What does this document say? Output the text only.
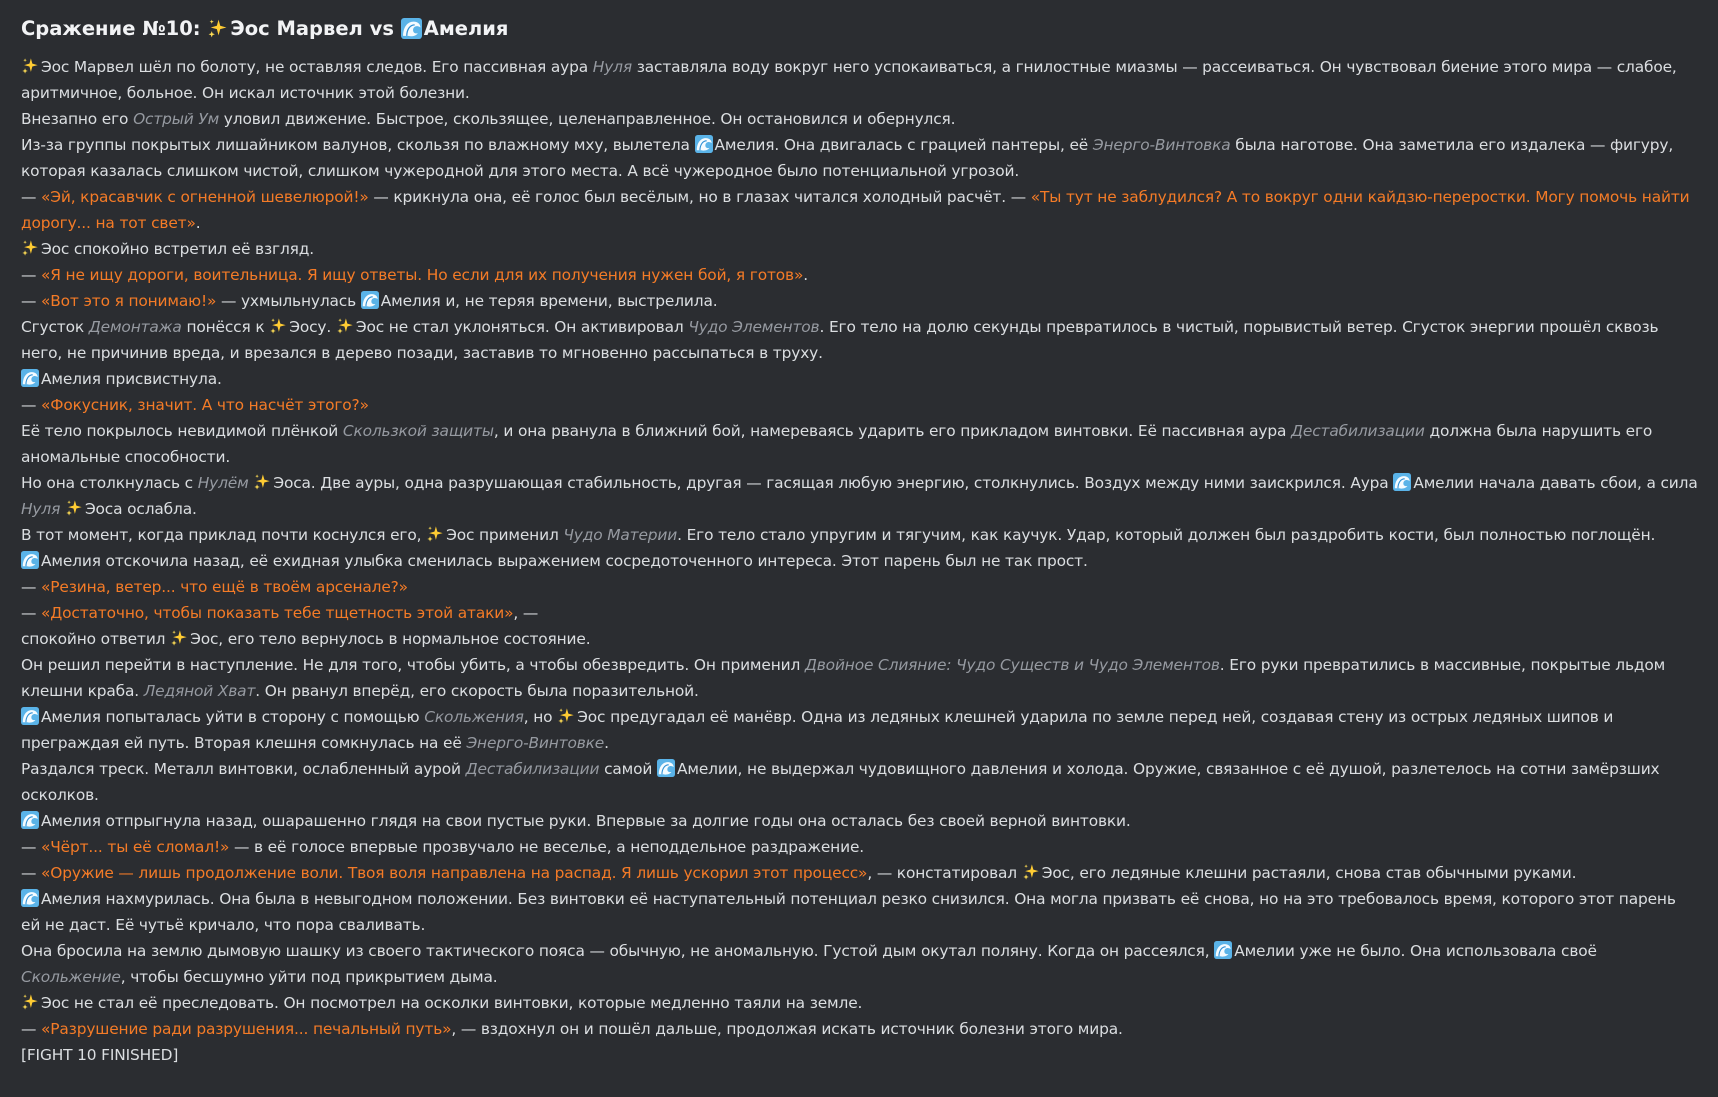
Сражение №10: Эос Марвел vs Амелия
Эос Марвел шёл по болоту, не оставляя следов. Его пассивная аура Нуля заставляла воду вокруг него успокаиваться, а гнилостные миазмы — рассеиваться. Он чувствовал биение этого мира — слабое, аритмичное, больное. Он искал источник этой болезни.
Внезапно его Острый Ум уловил движение. Быстрое, скользящее, целенаправленное. Он остановился и обернулся.
Из-за группы покрытых лишайником валунов, скользя по влажному мху, вылетела Амелия. Она двигалась с грацией пантеры, её Энерго-Винтовка была наготове. Она заметила его издалека — фигуру, которая казалась слишком чистой, слишком чужеродной для этого места. А всё чужеродное было потенциальной угрозой.
— «Эй, красавчик с огненной шевелюрой!» — крикнула она, её голос был весёлым, но в глазах читался холодный расчёт. — «Ты тут не заблудился? А то вокруг одни кайдзю-переростки. Могу помочь найти дорогу... на тот свет».
Эос спокойно встретил её взгляд.
— «Я не ищу дороги, воительница. Я ищу ответы. Но если для их получения нужен бой, я готов».
— «Вот это я понимаю!» — ухмыльнулась Амелия и, не теряя времени, выстрелила.
Сгусток Демонтажа понёсся к Эосу. Эос не стал уклоняться. Он активировал Чудо Элементов. Его тело на долю секунды превратилось в чистый, порывистый ветер. Сгусток энергии прошёл сквозь него, не причинив вреда, и врезался в дерево позади, заставив то мгновенно рассыпаться в труху.
Амелия присвистнула.
— «Фокусник, значит. А что насчёт этого?»
Её тело покрылось невидимой плёнкой Скользкой защиты, и она рванула в ближний бой, намереваясь ударить его прикладом винтовки. Её пассивная аура Дестабилизации должна была нарушить его аномальные способности.
Но она столкнулась с Нулём Эоса. Две ауры, одна разрушающая стабильность, другая — гасящая любую энергию, столкнулись. Воздух между ними заискрился. Аура Амелии начала давать сбои, а сила Нуля Эоса ослабла.
В тот момент, когда приклад почти коснулся его, Эос применил Чудо Материи. Его тело стало упругим и тягучим, как каучук. Удар, который должен был раздробить кости, был полностью поглощён.
Амелия отскочила назад, её ехидная улыбка сменилась выражением сосредоточенного интереса. Этот парень был не так прост.
— «Резина, ветер... что ещё в твоём арсенале?»
— «Достаточно, чтобы показать тебе тщетность этой атаки», —
спокойно ответил Эос, его тело вернулось в нормальное состояние.
Он решил перейти в наступление. Не для того, чтобы убить, а чтобы обезвредить. Он применил Двойное Слияние: Чудо Существ и Чудо Элементов. Его руки превратились в массивные, покрытые льдом клешни краба. Ледяной Хват. Он рванул вперёд, его скорость была поразительной.
Амелия попыталась уйти в сторону с помощью Скольжения, но Эос предугадал её манёвр. Одна из ледяных клешней ударила по земле перед ней, создавая стену из острых ледяных шипов и преграждая ей путь. Вторая клешня сомкнулась на её Энерго-Винтовке.
Раздался треск. Металл винтовки, ослабленный аурой Дестабилизации самой Амелии, не выдержал чудовищного давления и холода. Оружие, связанное с её душой, разлетелось на сотни замёрзших осколков.
Амелия отпрыгнула назад, ошарашенно глядя на свои пустые руки. Впервые за долгие годы она осталась без своей верной винтовки.
— «Чёрт... ты её сломал!» — в её голосе впервые прозвучало не веселье, а неподдельное раздражение.
— «Оружие — лишь продолжение воли. Твоя воля направлена на распад. Я лишь ускорил этот процесс», — констатировал Эос, его ледяные клешни растаяли, снова став обычными руками.
Амелия нахмурилась. Она была в невыгодном положении. Без винтовки её наступательный потенциал резко снизился. Она могла призвать её снова, но на это требовалось время, которого этот парень ей не даст. Её чутьё кричало, что пора сваливать.
Она бросила на землю дымовую шашку из своего тактического пояса — обычную, не аномальную. Густой дым окутал поляну. Когда он рассеялся, Амелии уже не было. Она использовала своё Скольжение, чтобы бесшумно уйти под прикрытием дыма.
Эос не стал её преследовать. Он посмотрел на осколки винтовки, которые медленно таяли на земле.
— «Разрушение ради разрушения... печальный путь», — вздохнул он и пошёл дальше, продолжая искать источник болезни этого мира.
[FIGHT 10 FINISHED]
